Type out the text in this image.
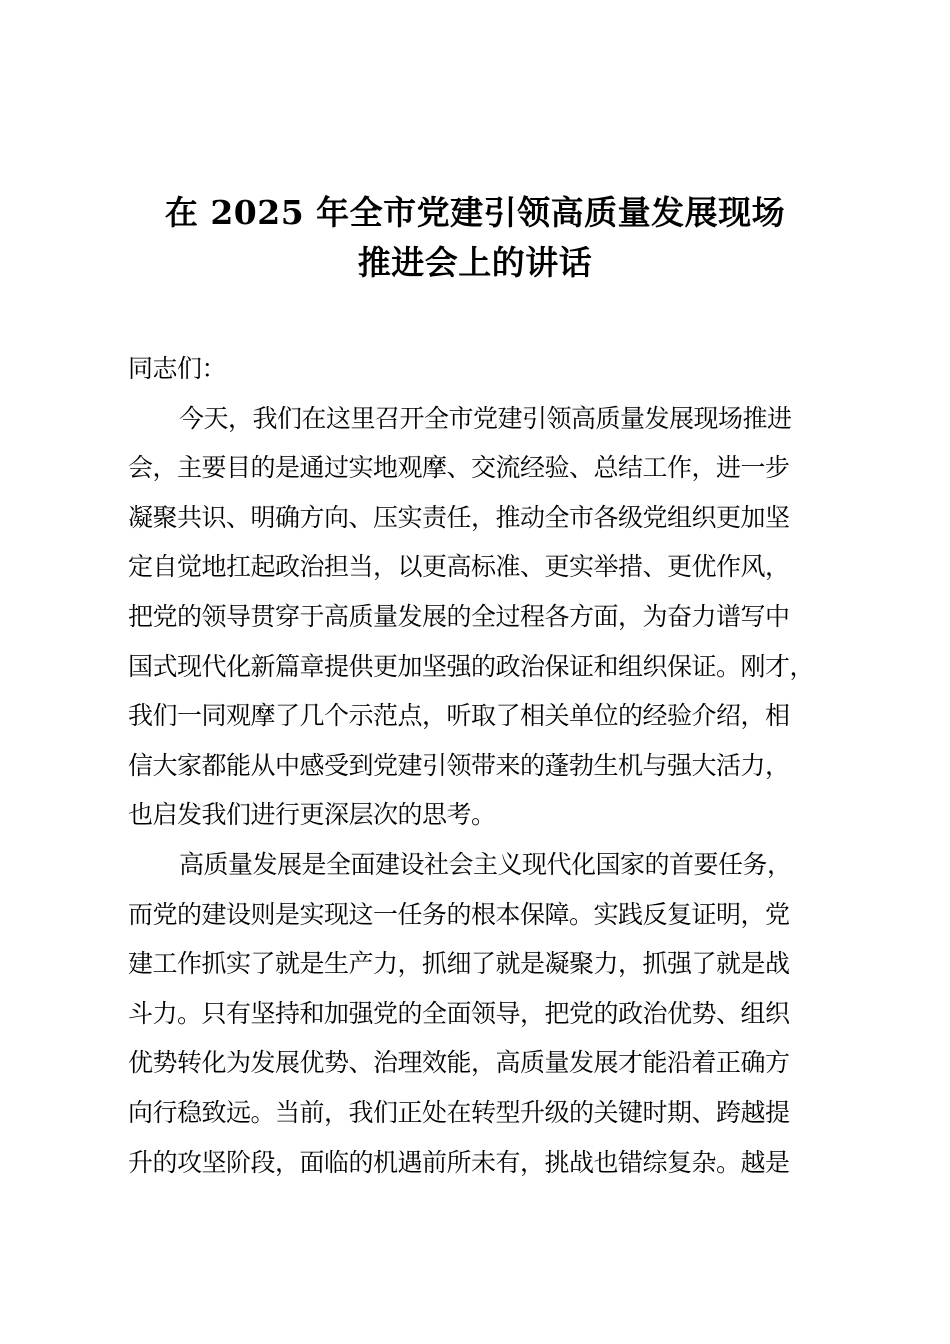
在 2025 年全市党建引领高质量发展现场
推进会上的讲话
同志们：
今天，我们在这里召开全市党建引领高质量发展现场推进
会，主要目的是通过实地观摩、交流经验、总结工作，进一步
凝聚共识、明确方向、压实责任，推动全市各级党组织更加坚
定自觉地扛起政治担当，以更高标准、更实举措、更优作风，
把党的领导贯穿于高质量发展的全过程各方面，为奋力谱写中
国式现代化新篇章提供更加坚强的政治保证和组织保证。刚才，
我们一同观摩了几个示范点，听取了相关单位的经验介绍，相
信大家都能从中感受到党建引领带来的蓬勃生机与强大活力，
也启发我们进行更深层次的思考。
高质量发展是全面建设社会主义现代化国家的首要任务，
而党的建设则是实现这一任务的根本保障。实践反复证明，党
建工作抓实了就是生产力，抓细了就是凝聚力，抓强了就是战
斗力。只有坚持和加强党的全面领导，把党的政治优势、组织
优势转化为发展优势、治理效能，高质量发展才能沿着正确方
向行稳致远。当前，我们正处在转型升级的关键时期、跨越提
升的攻坚阶段，面临的机遇前所未有，挑战也错综复杂。越是
